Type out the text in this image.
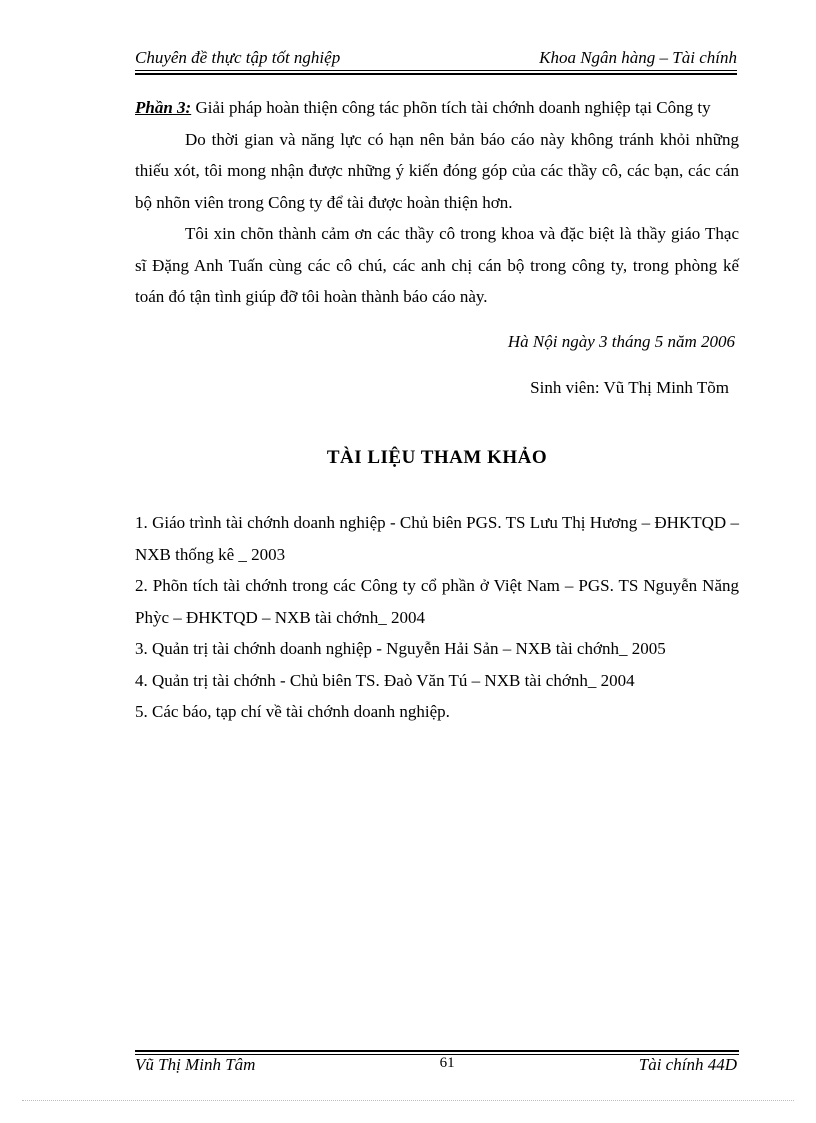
Chuyên đề thực tập tốt nghiệp	Khoa Ngân hàng – Tài chính

Phần 3: Giải pháp hoàn thiện công tác phõn tích tài chớnh doanh nghiệp tại Công ty

Do thời gian và năng lực có hạn nên bản báo cáo này không tránh khỏi những thiếu xót, tôi mong nhận được những ý kiến đóng góp của các thầy cô, các bạn, các cán bộ nhõn viên trong Công ty để tài được hoàn thiện hơn.

Tôi xin chõn thành cảm ơn các thầy cô trong khoa và đặc biệt là thầy giáo Thạc sĩ Đặng Anh Tuấn cùng các cô chú, các anh chị cán bộ trong công ty, trong phòng kế toán đó tận tình giúp đỡ tôi hoàn thành báo cáo này.

Hà Nội ngày 3 tháng 5 năm 2006

Sinh viên: Vũ Thị Minh Tõm

TÀI LIỆU THAM KHẢO

1. Giáo trình tài chớnh doanh nghiệp - Chủ biên PGS. TS Lưu Thị Hương – ĐHKTQD – NXB thống kê _ 2003

2. Phõn tích tài chớnh trong các Công ty cổ phần ở Việt Nam – PGS. TS Nguyễn Năng Phỳc – ĐHKTQD – NXB tài chớnh_ 2004

3. Quản trị tài chớnh doanh nghiệp - Nguyễn Hải Sản – NXB tài chớnh_ 2005

4. Quản trị tài chớnh - Chủ biên TS. Đaò Văn Tú – NXB tài chớnh_ 2004

5. Các báo, tạp chí về tài chớnh doanh nghiệp.

Vũ Thị Minh Tâm	61	Tài chính 44D
